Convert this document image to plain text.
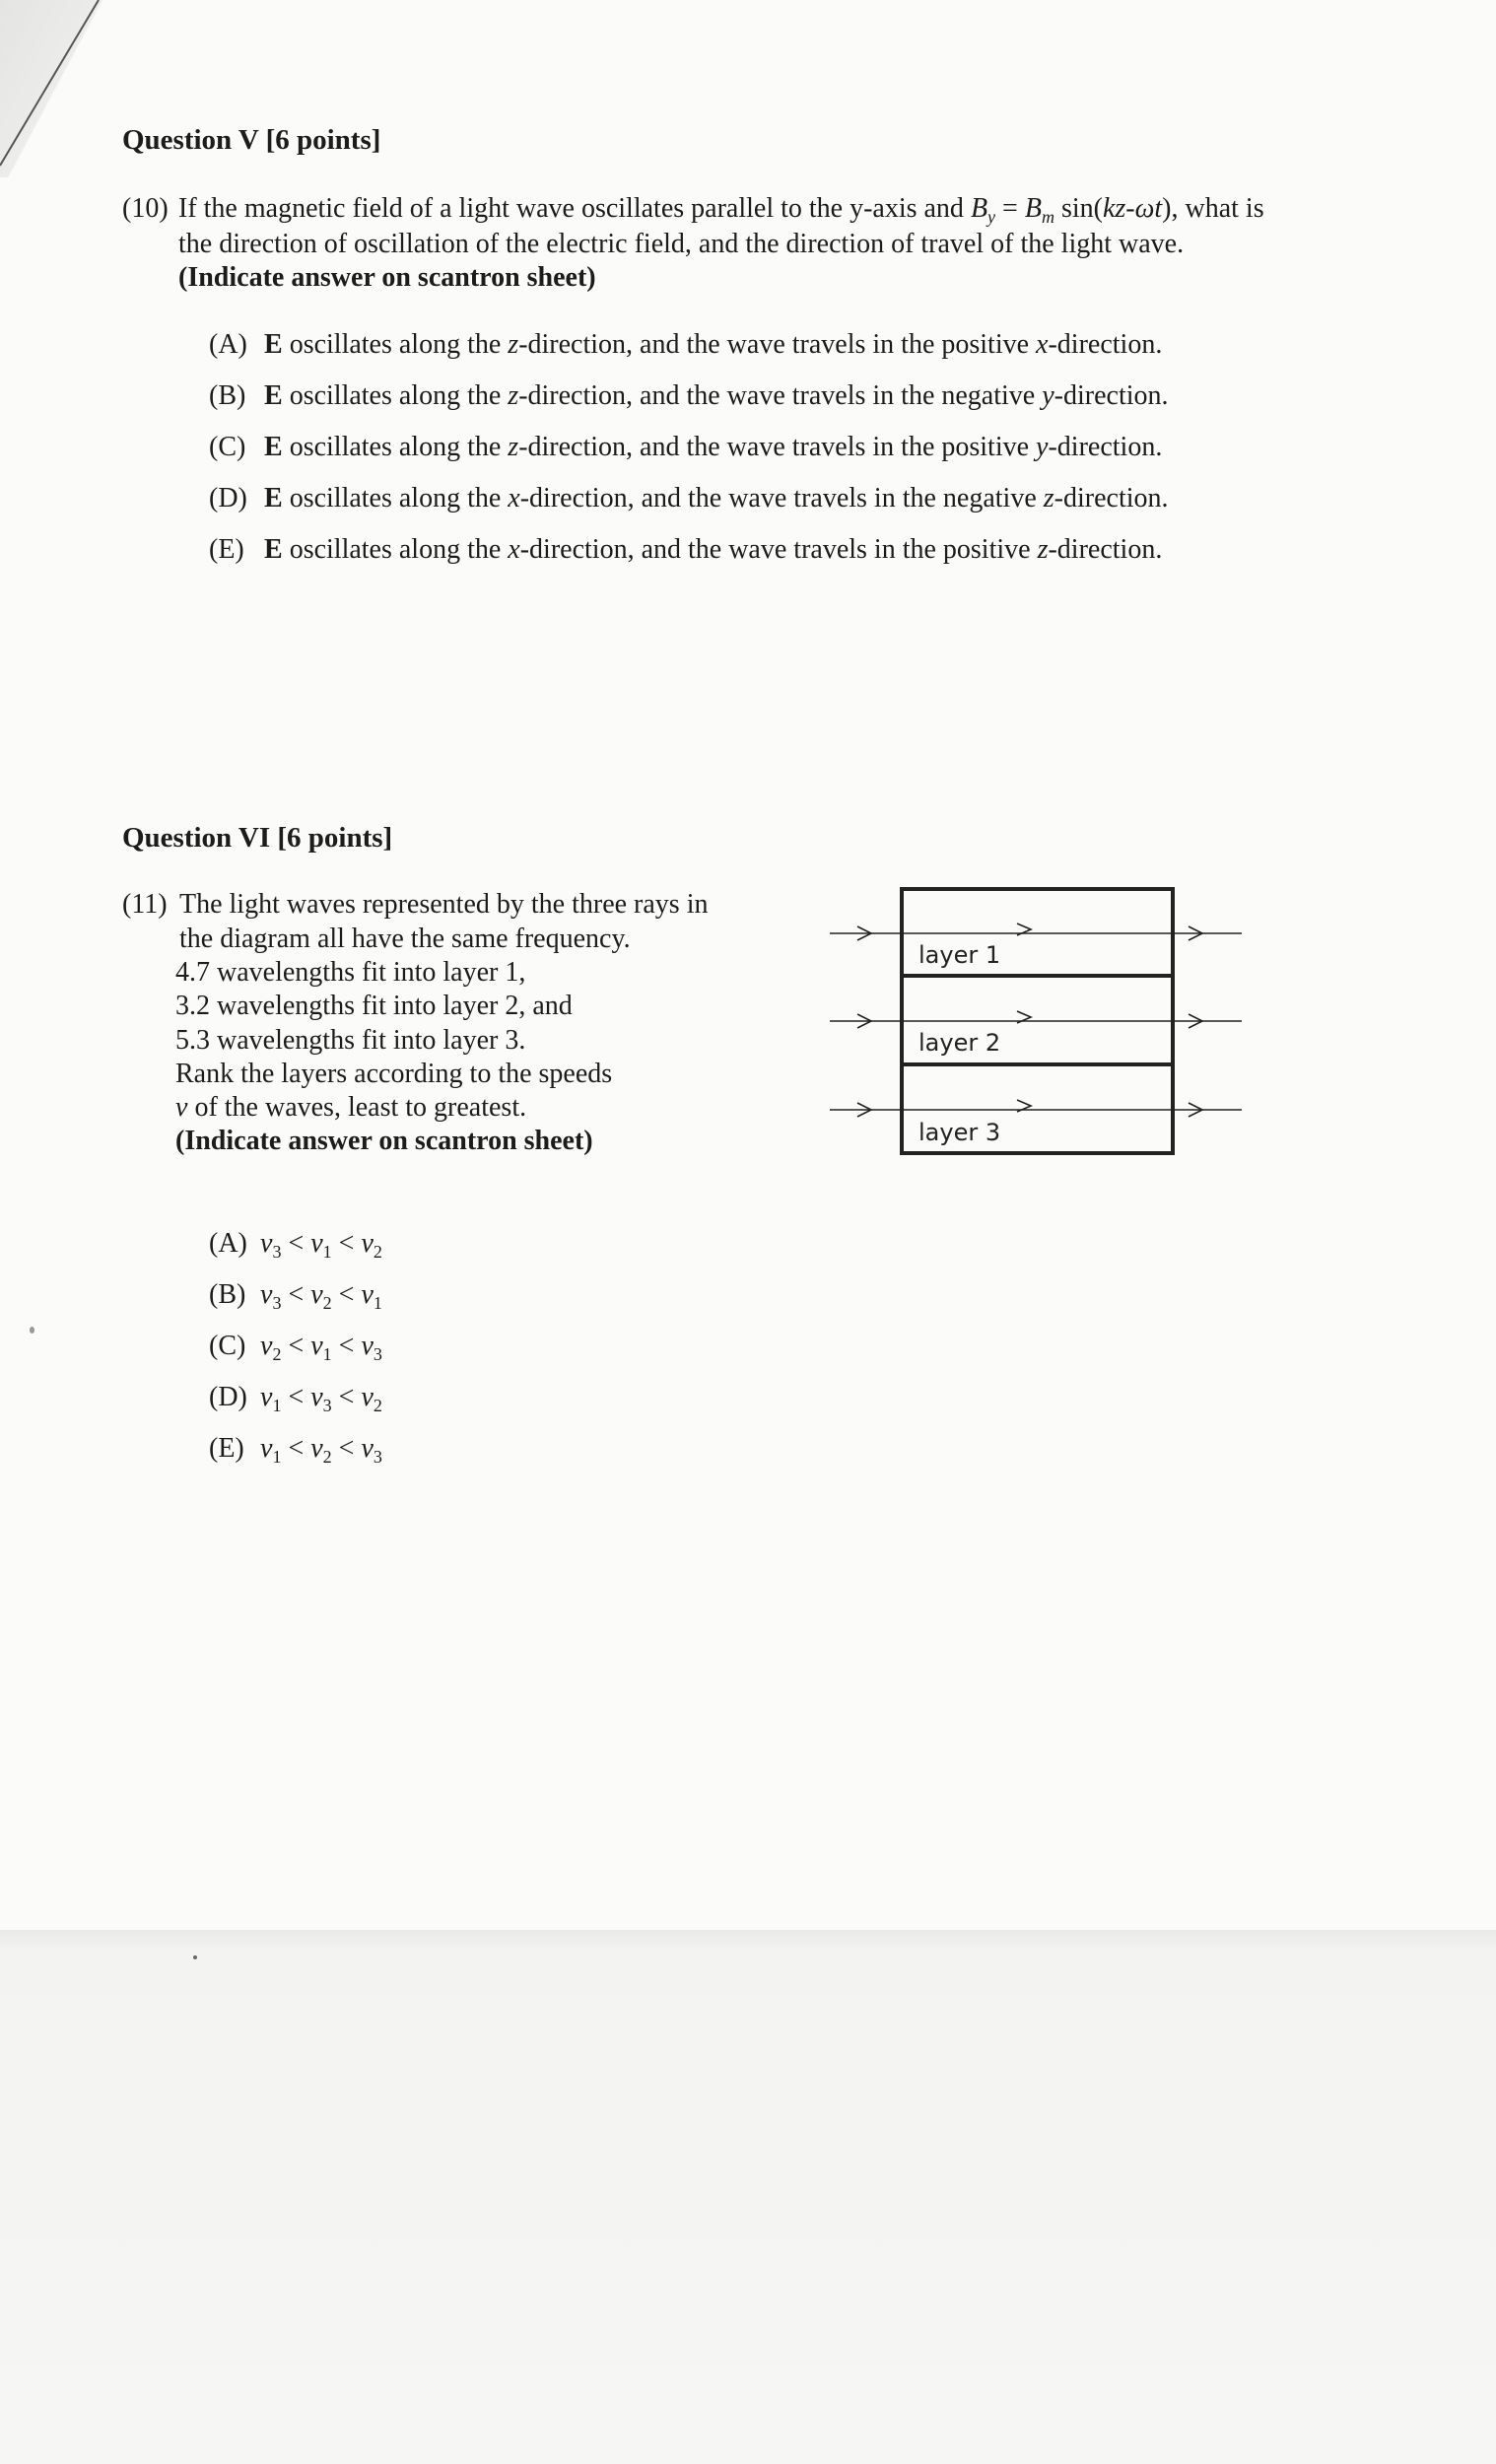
Question V [6 points]
(10) If the magnetic field of a light wave oscillates parallel to the y-axis and $B_y = B_m$ sin(kz-ωt), what is
the direction of oscillation of the electric field, and the direction of travel of the light wave.
(Indicate answer on scantron sheet)
(A) E oscillates along the z-direction, and the wave travels in the positive x-direction.
(B) E oscillates along the z-direction, and the wave travels in the negative y-direction.
(C) E oscillates along the z-direction, and the wave travels in the positive y-direction.
(D) E oscillates along the x-direction, and the wave travels in the negative z-direction.
(E) E oscillates along the x-direction, and the wave travels in the positive z-direction.
Question VI [6 points]
(11) The light waves represented by the three rays in
the diagram all have the same frequency.
4.7 wavelengths fit into layer 1,
3.2 wavelengths fit into layer 2, and
5.3 wavelengths fit into layer 3.
Rank the layers according to the speeds
v of the waves, least to greatest.
(Indicate answer on scantron sheet)
layer 1
layer 2
layer 3
(A) $v_3 < v_1 < v_2$
(B) $v_3 < v_2 < v_1$
(C) $v_2 < v_1 < v_3$
(D) $v_1 < v_3 < v_2$
(E) $v_1 < v_2 < v_3$
